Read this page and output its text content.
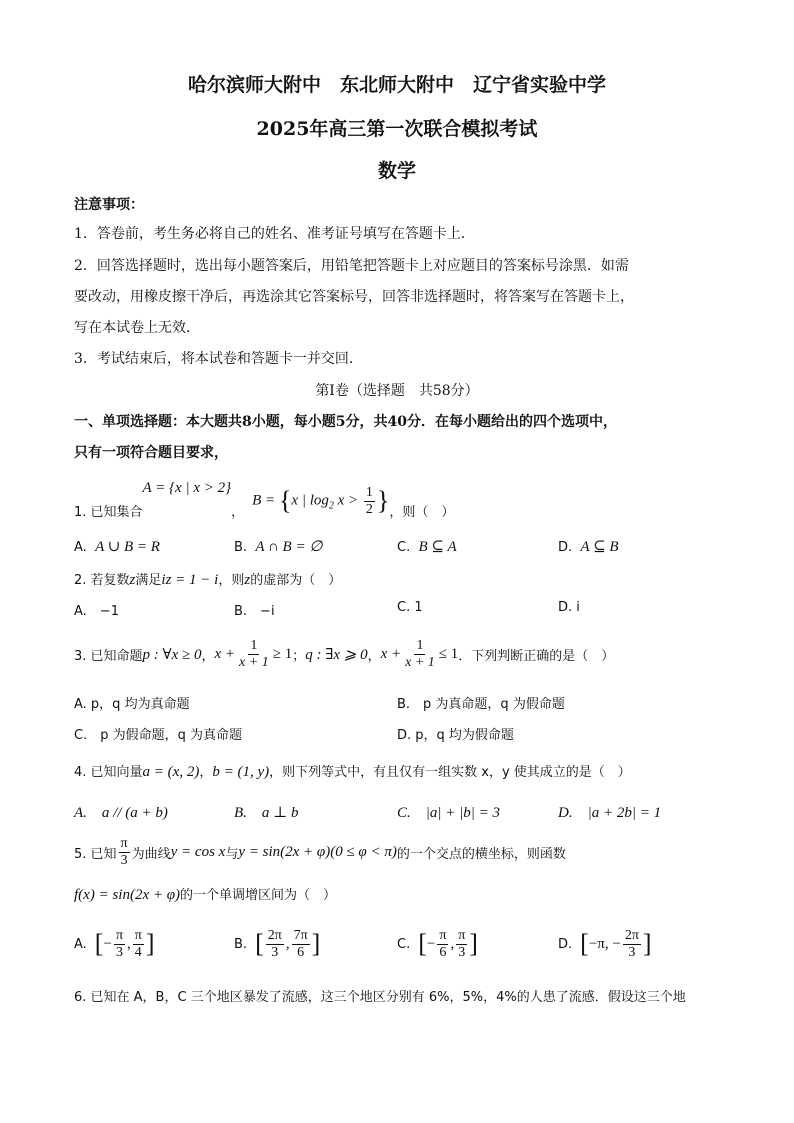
哈尔滨师大附中　东北师大附中　辽宁省实验中学
2025年高三第一次联合模拟考试
数学
注意事项：
1．答卷前，考生务必将自己的姓名、准考证号填写在答题卡上．
2．回答选择题时，选出每小题答案后，用铅笔把答题卡上对应题目的答案标号涂黑．如需
要改动，用橡皮擦干净后，再选涂其它答案标号，回答非选择题时，将答案写在答题卡上，
写在本试卷上无效．
3．考试结束后，将本试卷和答题卡一并交回．
第Ⅰ卷（选择题　共58分）
一、单项选择题：本大题共8小题，每小题5分，共40分．在每小题给出的四个选项中，
只有一项符合题目要求，
1. 已知集合
A = {x | x > 2}
，
B = {x | $\log_2 x > \frac{1}{2}$ } ，则（　）
A. A ∪ B = R	B. A ∩ B = ∅	C. B ⊆ A	D. A ⊆ B
2. 若复数z满足iz = 1 − i，则z的虚部为（　）
A.　−1	B.　−i	C. 1	D. i
3. 已知命题 p : ∀x ≥ 0 ， $x + \frac{1}{x + 1} \ge 1$ ； q : ∃x ⩾ 0 ， $x + \frac{1}{x + 1} \le 1$ ．下列判断正确的是（　）
A. p，q 均为真命题	B.　p 为真命题，q 为假命题
C.　p 为假命题，q 为真命题	D. p，q 均为假命题
4. 已知向量a = (x, 2)，b = (1, y)，则下列等式中，有且仅有一组实数 x，y 使其成立的是（　）
A.　a // (a + b)	B.　a ⊥ b	C.　|a| + |b| = 3	D.　|a + 2b| = 1
5. 已知 $\frac{\pi}{3}$ 为曲线 y = cos x 与 y = sin(2x + φ)(0 ≤ φ < π) 的一个交点的横坐标，则函数
f(x) = sin(2x + φ)的一个单调增区间为（　）
A. [ − $\frac{\pi}{3}$ , $\frac{\pi}{4}$ ]	B. [ $\frac{2\pi}{3}$ , $\frac{7\pi}{6}$ ]	C. [ − $\frac{\pi}{6}$ , $\frac{\pi}{3}$ ]	D. [ −π, − $\frac{2\pi}{3}$ ]
6. 已知在 A，B，C 三个地区暴发了流感，这三个地区分别有 6%，5%，4%的人患了流感．假设这三个地
